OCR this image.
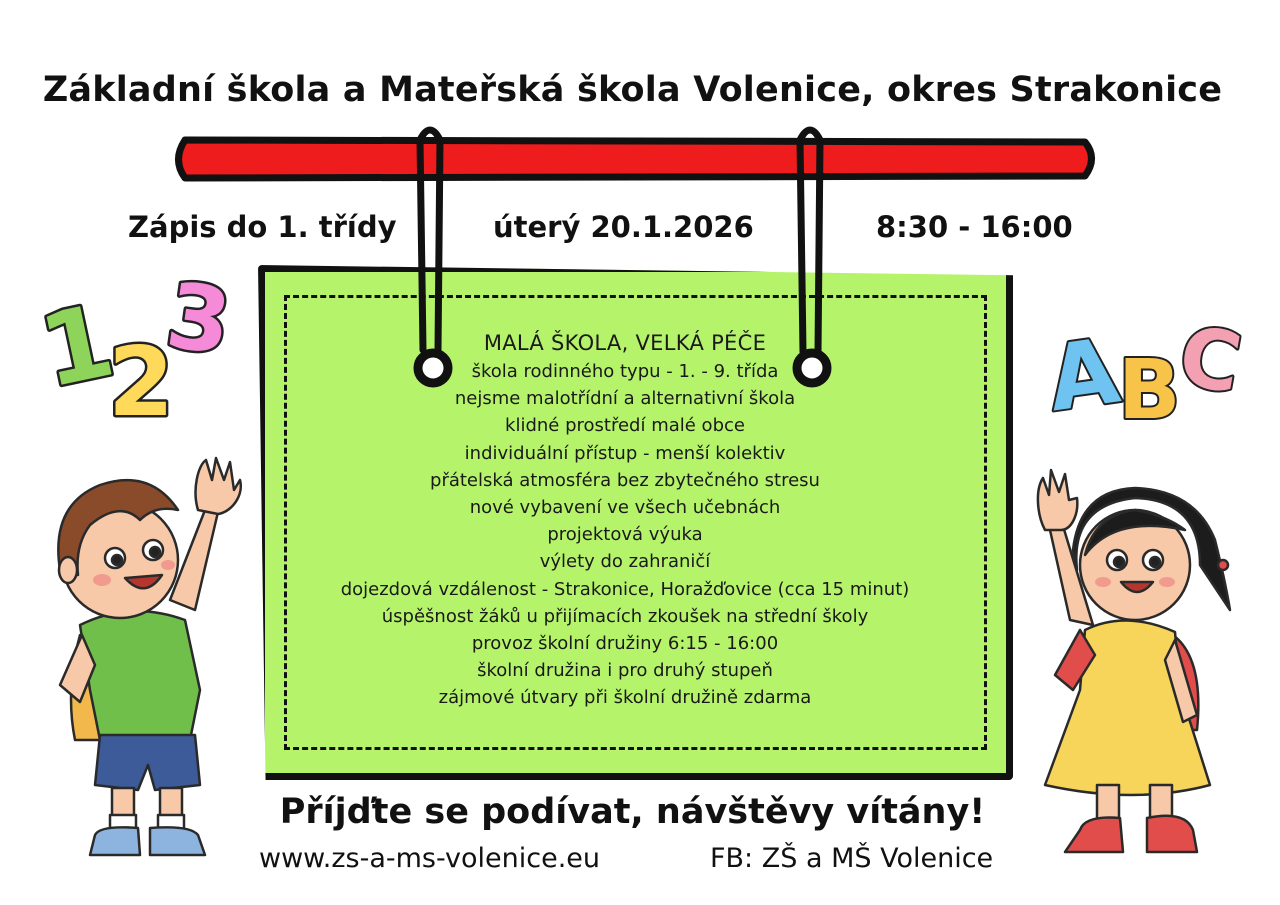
Základní škola a Mateřská škola Volenice, okres Strakonice
Zápis do 1. třídy	úterý 20.1.2026	8:30 - 16:00
MALÁ ŠKOLA, VELKÁ PÉČE
škola rodinného typu - 1. - 9. třída
nejsme malotřídní a alternativní škola
klidné prostředí malé obce
individuální přístup - menší kolektiv
přátelská atmosféra bez zbytečného stresu
nové vybavení ve všech učebnách
projektová výuka
výlety do zahraničí
dojezdová vzdálenost - Strakonice, Horažďovice (cca 15 minut)
úspěšnost žáků u přijímacích zkoušek na střední školy
provoz školní družiny 6:15 - 16:00
školní družina i pro druhý stupeň
zájmové útvary při školní družině zdarma
1
2
3	A
B
C
Příjďte se podívat, návštěvy vítány!
www.zs-a-ms-volenice.eu	FB: ZŠ a MŠ Volenice
